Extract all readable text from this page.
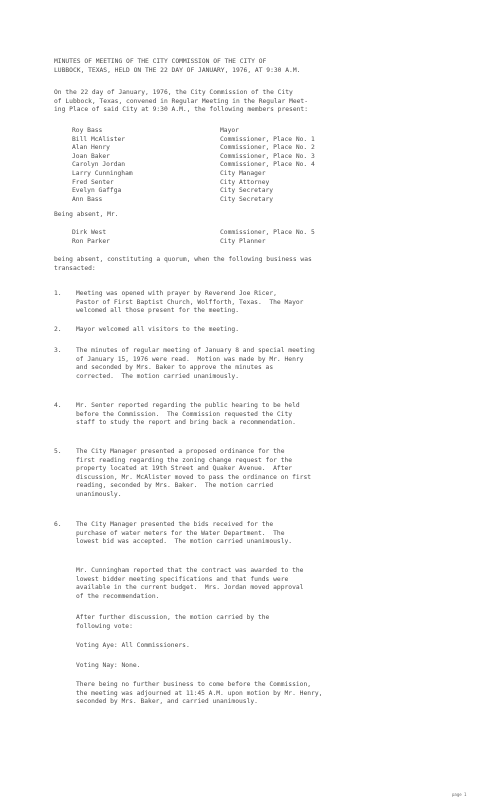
MINUTES OF MEETING OF THE CITY COMMISSION OF THE CITY OF
LUBBOCK, TEXAS, HELD ON THE 22 DAY OF JANUARY, 1976, AT 9:30 A.M.
On the 22 day of January, 1976, the City Commission of the City
of Lubbock, Texas, convened in Regular Meeting in the Regular Meet-
ing Place of said City at 9:30 A.M., the following members present:
Roy Bass	Mayor
Bill McAlister	Commissioner, Place No. 1
Alan Henry	Commissioner, Place No. 2
Joan Baker	Commissioner, Place No. 3
Carolyn Jordan	Commissioner, Place No. 4
Larry Cunningham	City Manager
Fred Senter	City Attorney
Evelyn Gaffga	City Secretary
Ann Bass	City Secretary
Being absent, Mr.
Dirk West	Commissioner, Place No. 5
Ron Parker	City Planner
being absent, constituting a quorum, when the following business was
transacted:
1.	Meeting was opened with prayer by Reverend Joe Ricer,
Pastor of First Baptist Church, Wolfforth, Texas.  The Mayor
welcomed all those present for the meeting.
2.	Mayor welcomed all visitors to the meeting.
3.	The minutes of regular meeting of January 8 and special meeting
of January 15, 1976 were read.  Motion was made by Mr. Henry
and seconded by Mrs. Baker to approve the minutes as
corrected.  The motion carried unanimously.
4.	Mr. Senter reported regarding the public hearing to be held
before the Commission.  The Commission requested the City
staff to study the report and bring back a recommendation.
5.	The City Manager presented a proposed ordinance for the
first reading regarding the zoning change request for the
property located at 19th Street and Quaker Avenue.  After
discussion, Mr. McAlister moved to pass the ordinance on first
reading, seconded by Mrs. Baker.  The motion carried
unanimously.
6.	The City Manager presented the bids received for the
purchase of water meters for the Water Department.  The
lowest bid was accepted.  The motion carried unanimously.
Mr. Cunningham reported that the contract was awarded to the
lowest bidder meeting specifications and that funds were
available in the current budget.  Mrs. Jordan moved approval
of the recommendation.
After further discussion, the motion carried by the
following vote:
Voting Aye: All Commissioners.
Voting Nay: None.
There being no further business to come before the Commission,
the meeting was adjourned at 11:45 A.M. upon motion by Mr. Henry,
seconded by Mrs. Baker, and carried unanimously.
page 1
